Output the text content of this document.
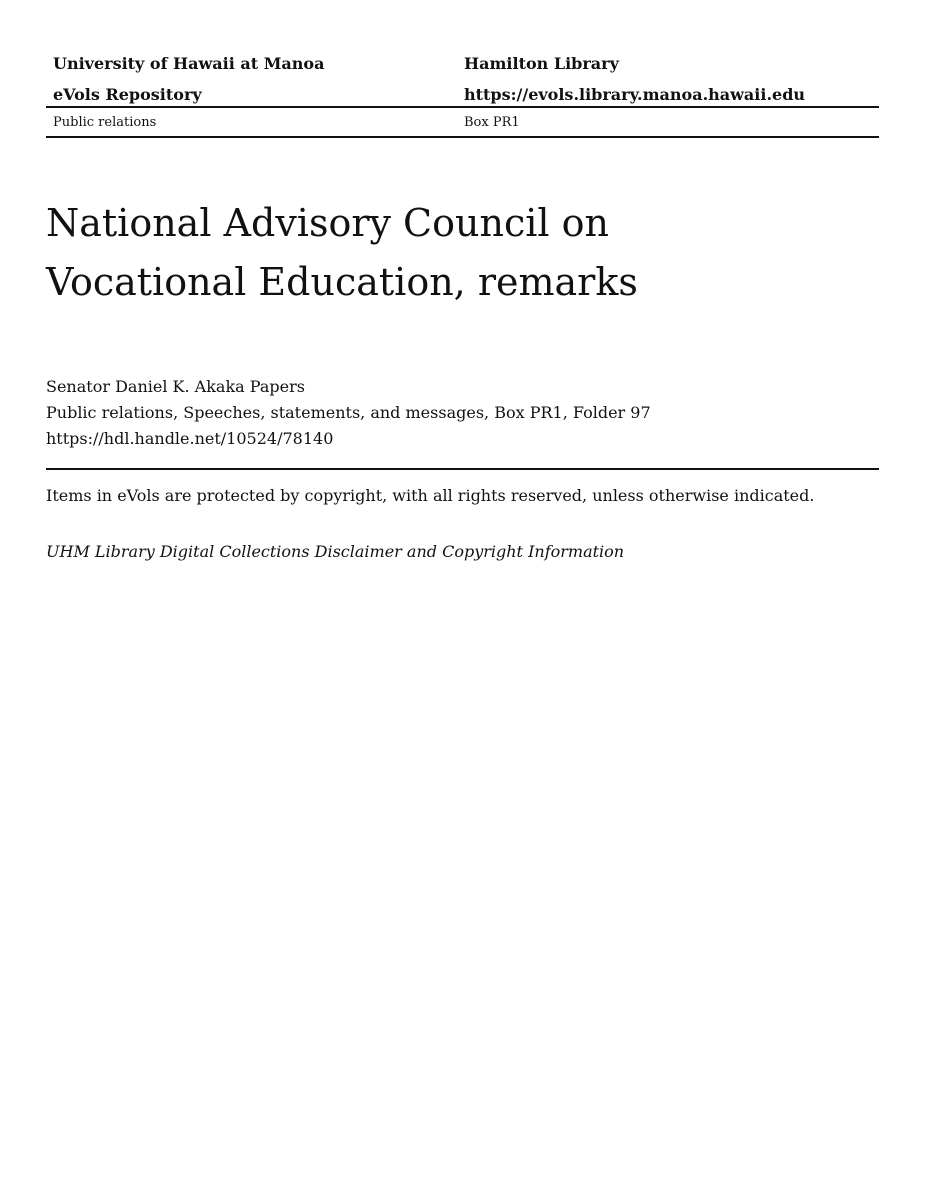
University of Hawaii at Manoa	Hamilton Library
eVols Repository	https://evols.library.manoa.hawaii.edu
Public relations	Box PR1
National Advisory Council on Vocational Education, remarks
Senator Daniel K. Akaka Papers
Public relations, Speeches, statements, and messages, Box PR1, Folder 97
https://hdl.handle.net/10524/78140
Items in eVols are protected by copyright, with all rights reserved, unless otherwise indicated.
UHM Library Digital Collections Disclaimer and Copyright Information
